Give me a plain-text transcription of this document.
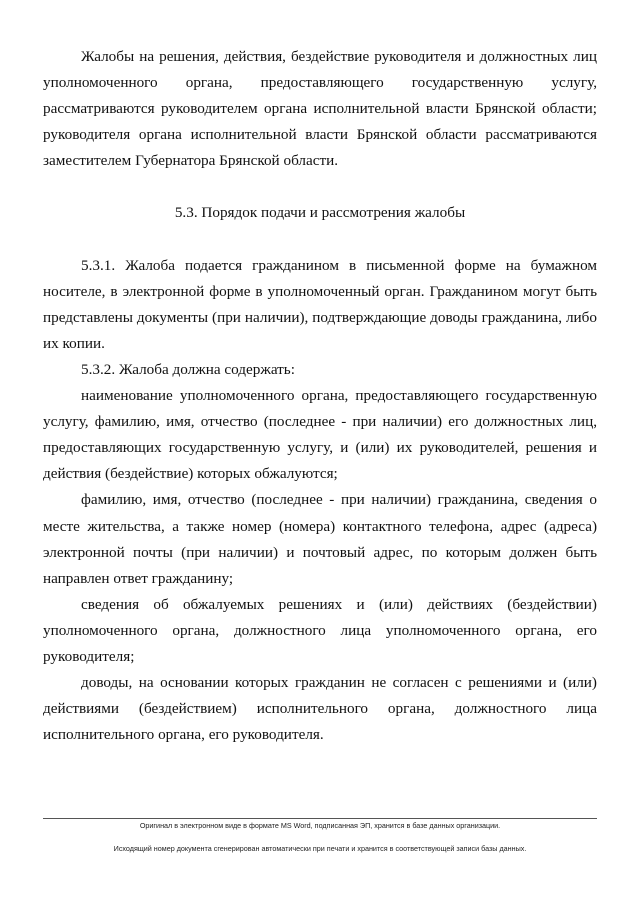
Жалобы на решения, действия, бездействие руководителя и должностных лиц уполномоченного органа, предоставляющего государственную услугу, рассматриваются руководителем органа исполнительной власти Брянской области; руководителя органа исполнительной власти Брянской области рассматриваются заместителем Губернатора Брянской области.

5.3. Порядок подачи и рассмотрения жалобы

5.3.1. Жалоба подается гражданином в письменной форме на бумажном носителе, в электронной форме в уполномоченный орган. Гражданином могут быть представлены документы (при наличии), подтверждающие доводы гражданина, либо их копии.

5.3.2. Жалоба должна содержать:

наименование уполномоченного органа, предоставляющего государственную услугу, фамилию, имя, отчество (последнее - при наличии) его должностных лиц, предоставляющих государственную услугу, и (или) их руководителей, решения и действия (бездействие) которых обжалуются;

фамилию, имя, отчество (последнее - при наличии) гражданина, сведения о месте жительства, а также номер (номера) контактного телефона, адрес (адреса) электронной почты (при наличии) и почтовый адрес, по которым должен быть направлен ответ гражданину;

сведения об обжалуемых решениях и (или) действиях (бездействии) уполномоченного органа, должностного лица уполномоченного органа, его руководителя;

доводы, на основании которых гражданин не согласен с решениями и (или) действиями (бездействием) исполнительного органа, должностного лица исполнительного органа, его руководителя.

Оригинал в электронном виде в формате MS Word, подписанная ЭП, хранится в базе данных организации.
Исходящий номер документа сгенерирован автоматически при печати и хранится в соответствующей записи базы данных.
